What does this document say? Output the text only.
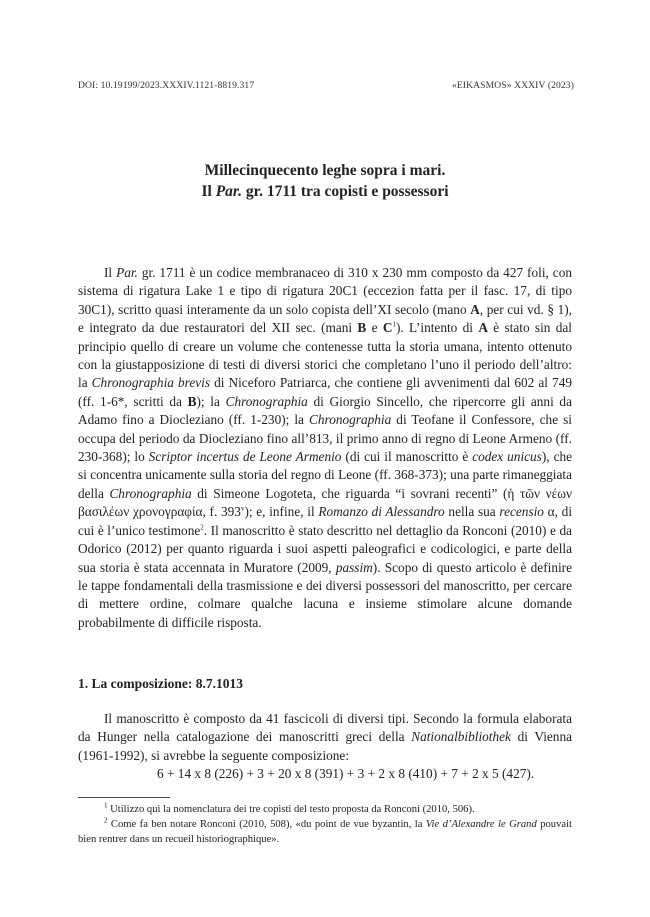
DOI: 10.19199/2023.XXXIV.1121-8819.317	«EIKASMOS» XXXIV (2023)
Millecinquecento leghe sopra i mari.
Il Par. gr. 1711 tra copisti e possessori

Il Par. gr. 1711 è un codice membranaceo di 310 x 230 mm composto da 427 foli, con sistema di rigatura Lake 1 e tipo di rigatura 20C1 (eccezion fatta per il fasc. 17, di tipo 30C1), scritto quasi interamente da un solo copista dell’XI secolo (mano A, per cui vd. § 1), e integrato da due restauratori del XII sec. (mani B e $C^1$). L’intento di A è stato sin dal principio quello di creare un volume che contenesse tutta la storia umana, intento ottenuto con la giustapposizione di testi di diversi storici che completano l’uno il periodo dell’altro: la Chronographia brevis di Niceforo Patriarca, che contiene gli avvenimenti dal 602 al 749 (ff. 1-6*, scritti da B); la Chronographia di Giorgio Sincello, che ripercorre gli anni da Adamo fino a Diocleziano (ff. 1-230); la Chronographia di Teofane il Confessore, che si occupa del periodo da Diocleziano fino all’813, il primo anno di regno di Leone Armeno (ff. 230-368); lo Scriptor incertus de Leone Armenio (di cui il manoscritto è codex unicus), che si concentra unicamente sulla storia del regno di Leone (ff. 368-373); una parte rimaneggiata della Chronographia di Simeone Logoteta, che riguarda “i sovrani recenti” (ἡ τῶν νέων βασιλέων χρονογραφία, f. 393$^v$); e, infine, il Romanzo di Alessandro nella sua recensio α, di cui è l’unico testimone$^2$. Il manoscritto è stato descritto nel dettaglio da Ronconi (2010) e da Odorico (2012) per quanto riguarda i suoi aspetti paleografici e codicologici, e parte della sua storia è stata accennata in Muratore (2009, passim). Scopo di questo articolo è definire le tappe fondamentali della trasmissione e dei diversi possessori del manoscritto, per cercare di mettere ordine, colmare qualche lacuna e insieme stimolare alcune domande probabilmente di difficile risposta.

1. La composizione: 8.7.1013

Il manoscritto è composto da 41 fascicoli di diversi tipi. Secondo la formula elaborata da Hunger nella catalogazione dei manoscritti greci della Nationalbibliothek di Vienna (1961-1992), si avrebbe la seguente composizione:

6 + 14 x 8 (226) + 3 + 20 x 8 (391) + 3 + 2 x 8 (410) + 7 + 2 x 5 (427).

$^1$ Utilizzo qui la nomenclatura dei tre copisti del testo proposta da Ronconi (2010, 506).

$^2$ Come fa ben notare Ronconi (2010, 508), «du point de vue byzantin, la Vie d’Alexandre le Grand pouvait bien rentrer dans un recueil historiographique».
